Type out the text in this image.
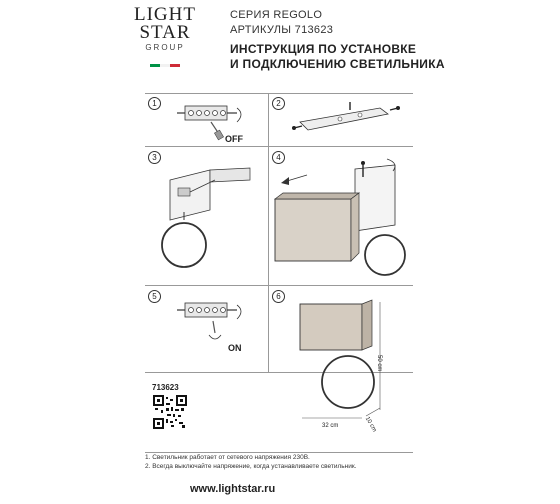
LIGHT
STAR
GROUP
СЕРИЯ REGOLO
АРТИКУЛЫ 713623
ИНСТРУКЦИЯ ПО УСТАНОВКЕ
И ПОДКЛЮЧЕНИЮ СВЕТИЛЬНИКА
1	2
3	4
5	6
OFF
ON
50 cm
32 cm	10 cm
713623
1. Светильник работает от сетевого напряжения 230В.
2. Всегда выключайте напряжение, когда устанавливаете светильник.
www.lightstar.ru
